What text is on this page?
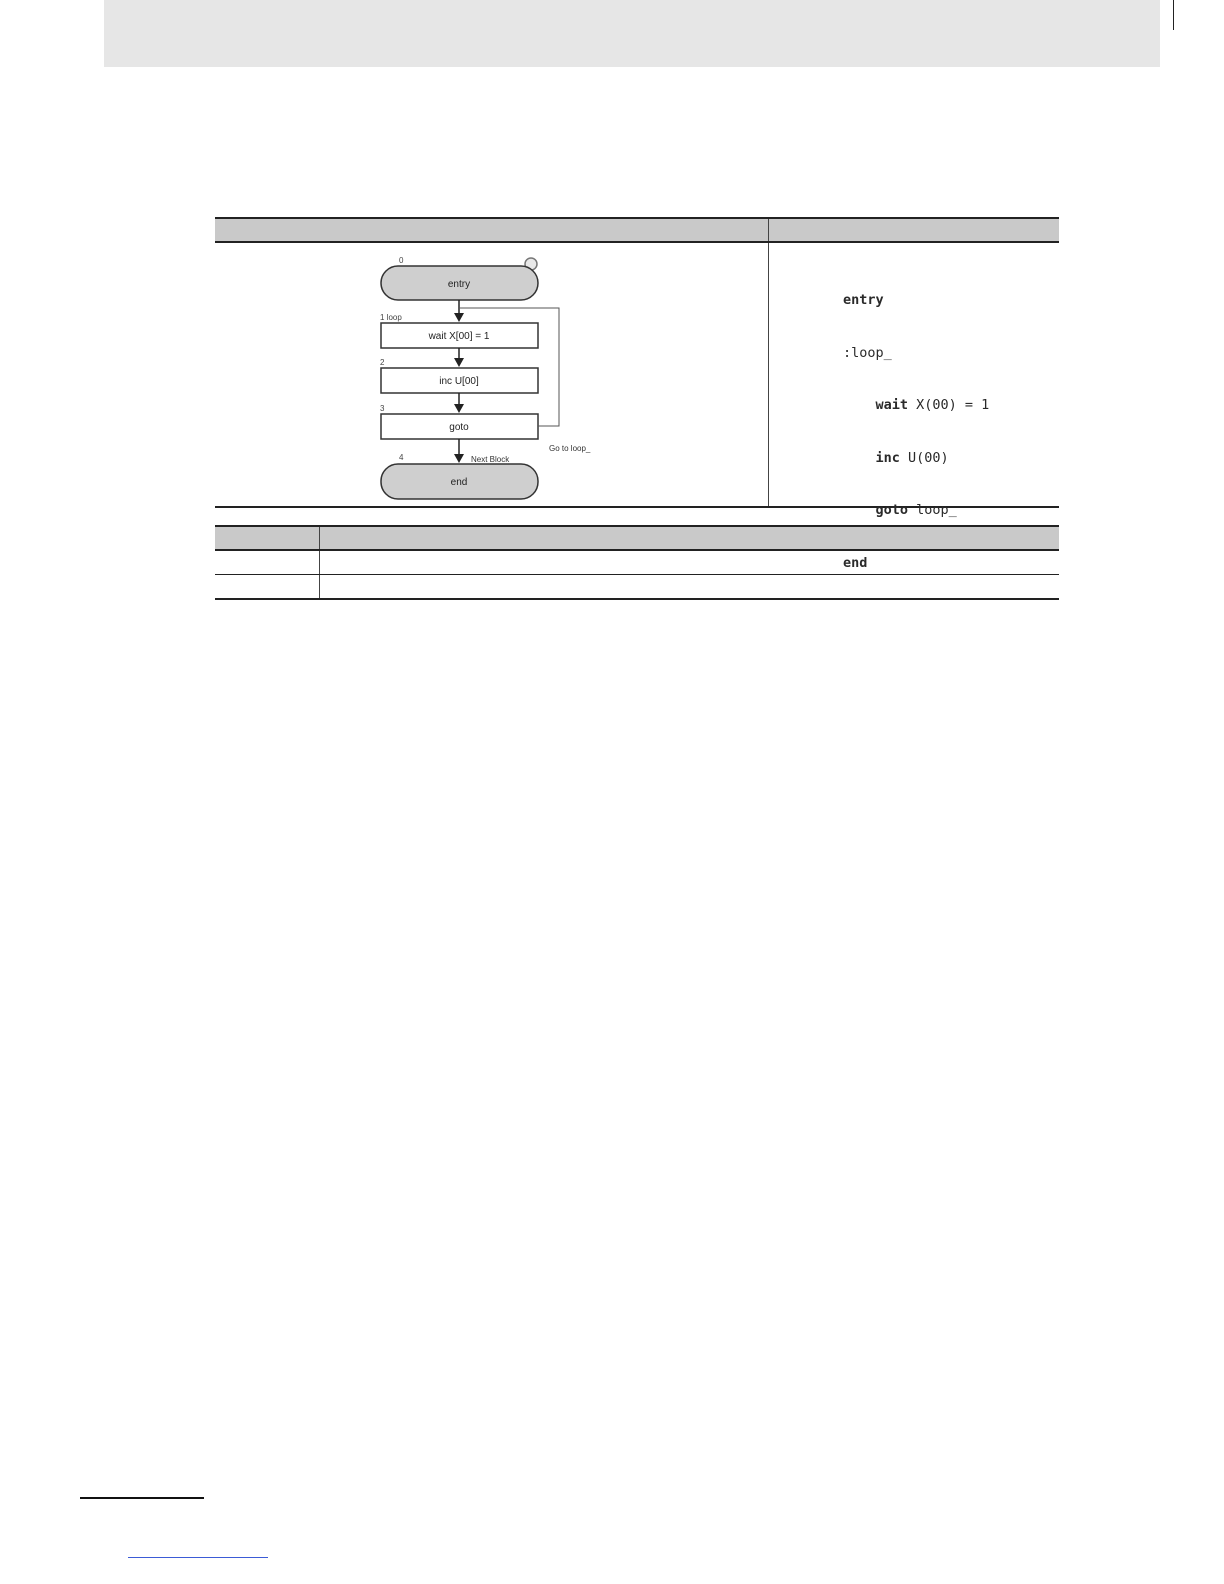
0
entry
1 loop
wait X[00] = 1
2
inc U[00]
3
goto
Go to loop_
Next Block
4
end

entry

:loop_

wait X(00) = 1

inc U(00)

goto loop_

end
